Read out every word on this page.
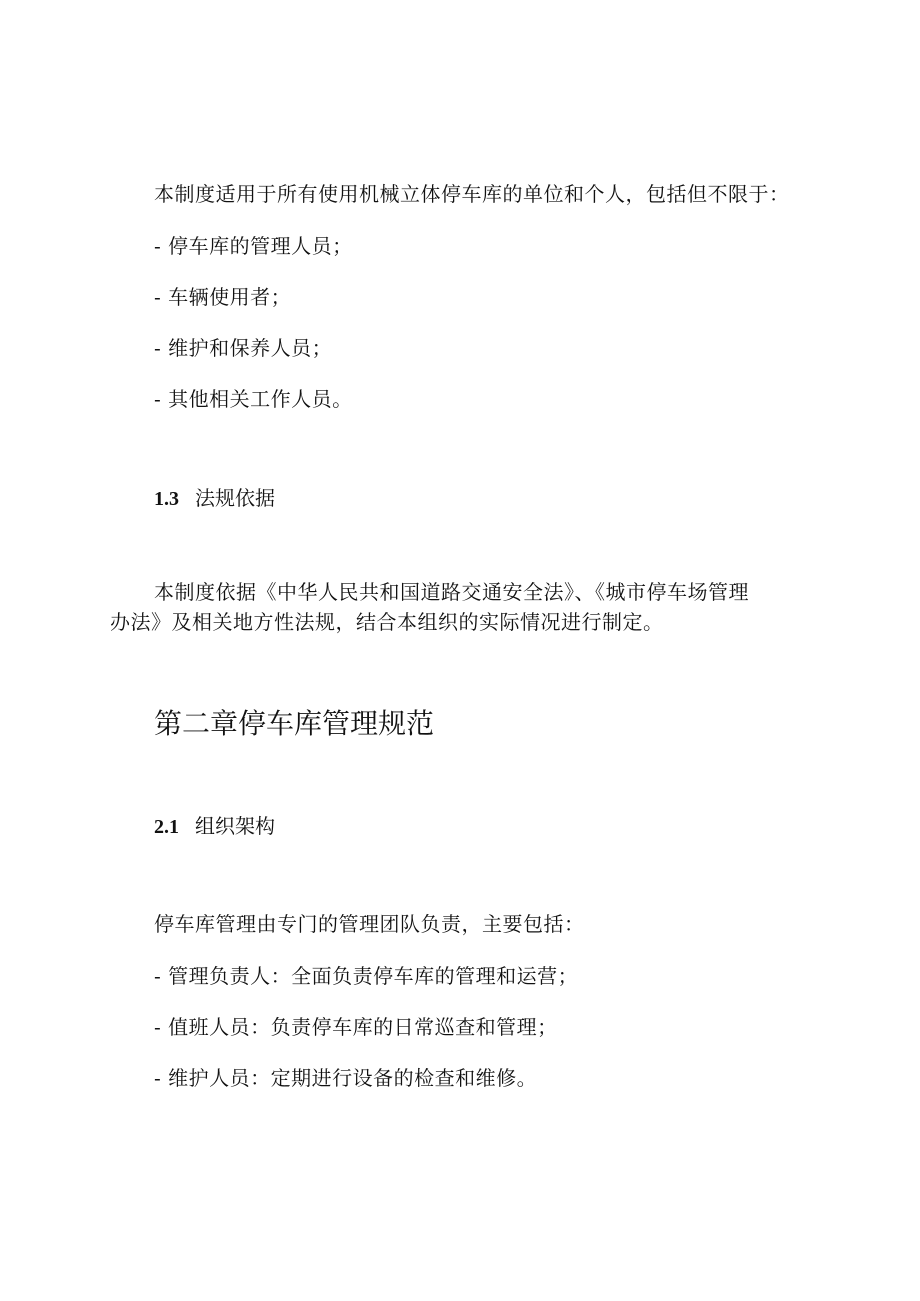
本制度适用于所有使用机械立体停车库的单位和个人，包括但不限于：
- 停车库的管理人员；
- 车辆使用者；
- 维护和保养人员；
- 其他相关工作人员。
1.3 法规依据
本制度依据《中华人民共和国道路交通安全法》、《城市停车场管理
办法》及相关地方性法规，结合本组织的实际情况进行制定。
第二章停车库管理规范
2.1 组织架构
停车库管理由专门的管理团队负责，主要包括：
- 管理负责人：全面负责停车库的管理和运营；
- 值班人员：负责停车库的日常巡查和管理；
- 维护人员：定期进行设备的检查和维修。
